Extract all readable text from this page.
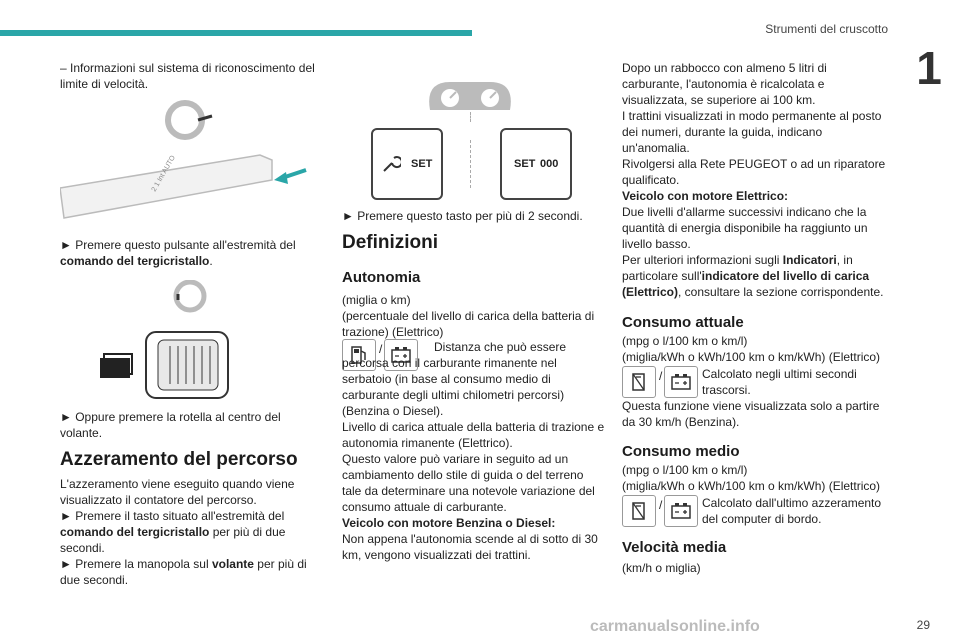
Strumenti del cruscotto
1
– Informazioni sul sistema di riconoscimento del limite di velocità.
2 1 Int AUTO
► Premere questo pulsante all'estremità del comando del tergicristallo.
► Oppure premere la rotella al centro del volante.
Azzeramento del percorso
L'azzeramento viene eseguito quando viene visualizzato il contatore del percorso.
► Premere il tasto situato all'estremità del comando del tergicristallo per più di due secondi.
► Premere la manopola sul volante per più di due secondi.
SET	SET 000
► Premere questo tasto per più di 2 secondi.
Definizioni
Autonomia
(miglia o km)
(percentuale del livello di carica della batteria di trazione) (Elettrico)
/	Distanza che può essere percorsa con il carburante rimanente nel serbatoio (in base al consumo medio di carburante degli ultimi chilometri percorsi) (Benzina o Diesel).
Livello di carica attuale della batteria di trazione e autonomia rimanente (Elettrico).
Questo valore può variare in seguito ad un cambiamento dello stile di guida o del terreno tale da determinare una notevole variazione del consumo attuale di carburante.
Veicolo con motore Benzina o Diesel:
Non appena l'autonomia scende al di sotto di 30 km, vengono visualizzati dei trattini.
Dopo un rabbocco con almeno 5 litri di carburante, l'autonomia è ricalcolata e visualizzata, se superiore ai 100 km.
I trattini visualizzati in modo permanente al posto dei numeri, durante la guida, indicano un'anomalia.
Rivolgersi alla Rete PEUGEOT o ad un riparatore qualificato.
Veicolo con motore Elettrico:
Due livelli d'allarme successivi indicano che la quantità di energia disponibile ha raggiunto un livello basso.
Per ulteriori informazioni sugli Indicatori, in particolare sull'indicatore del livello di carica (Elettrico), consultare la sezione corrispondente.
Consumo attuale
(mpg o l/100 km o km/l)
(miglia/kWh o kWh/100 km o km/kWh) (Elettrico)
/	Calcolato negli ultimi secondi trascorsi.
Questa funzione viene visualizzata solo a partire da 30 km/h (Benzina).
Consumo medio
(mpg o l/100 km o km/l)
(miglia/kWh o kWh/100 km o km/kWh) (Elettrico)
/	Calcolato dall'ultimo azzeramento del computer di bordo.
Velocità media
(km/h o miglia)
carmanualsonline.info	29
